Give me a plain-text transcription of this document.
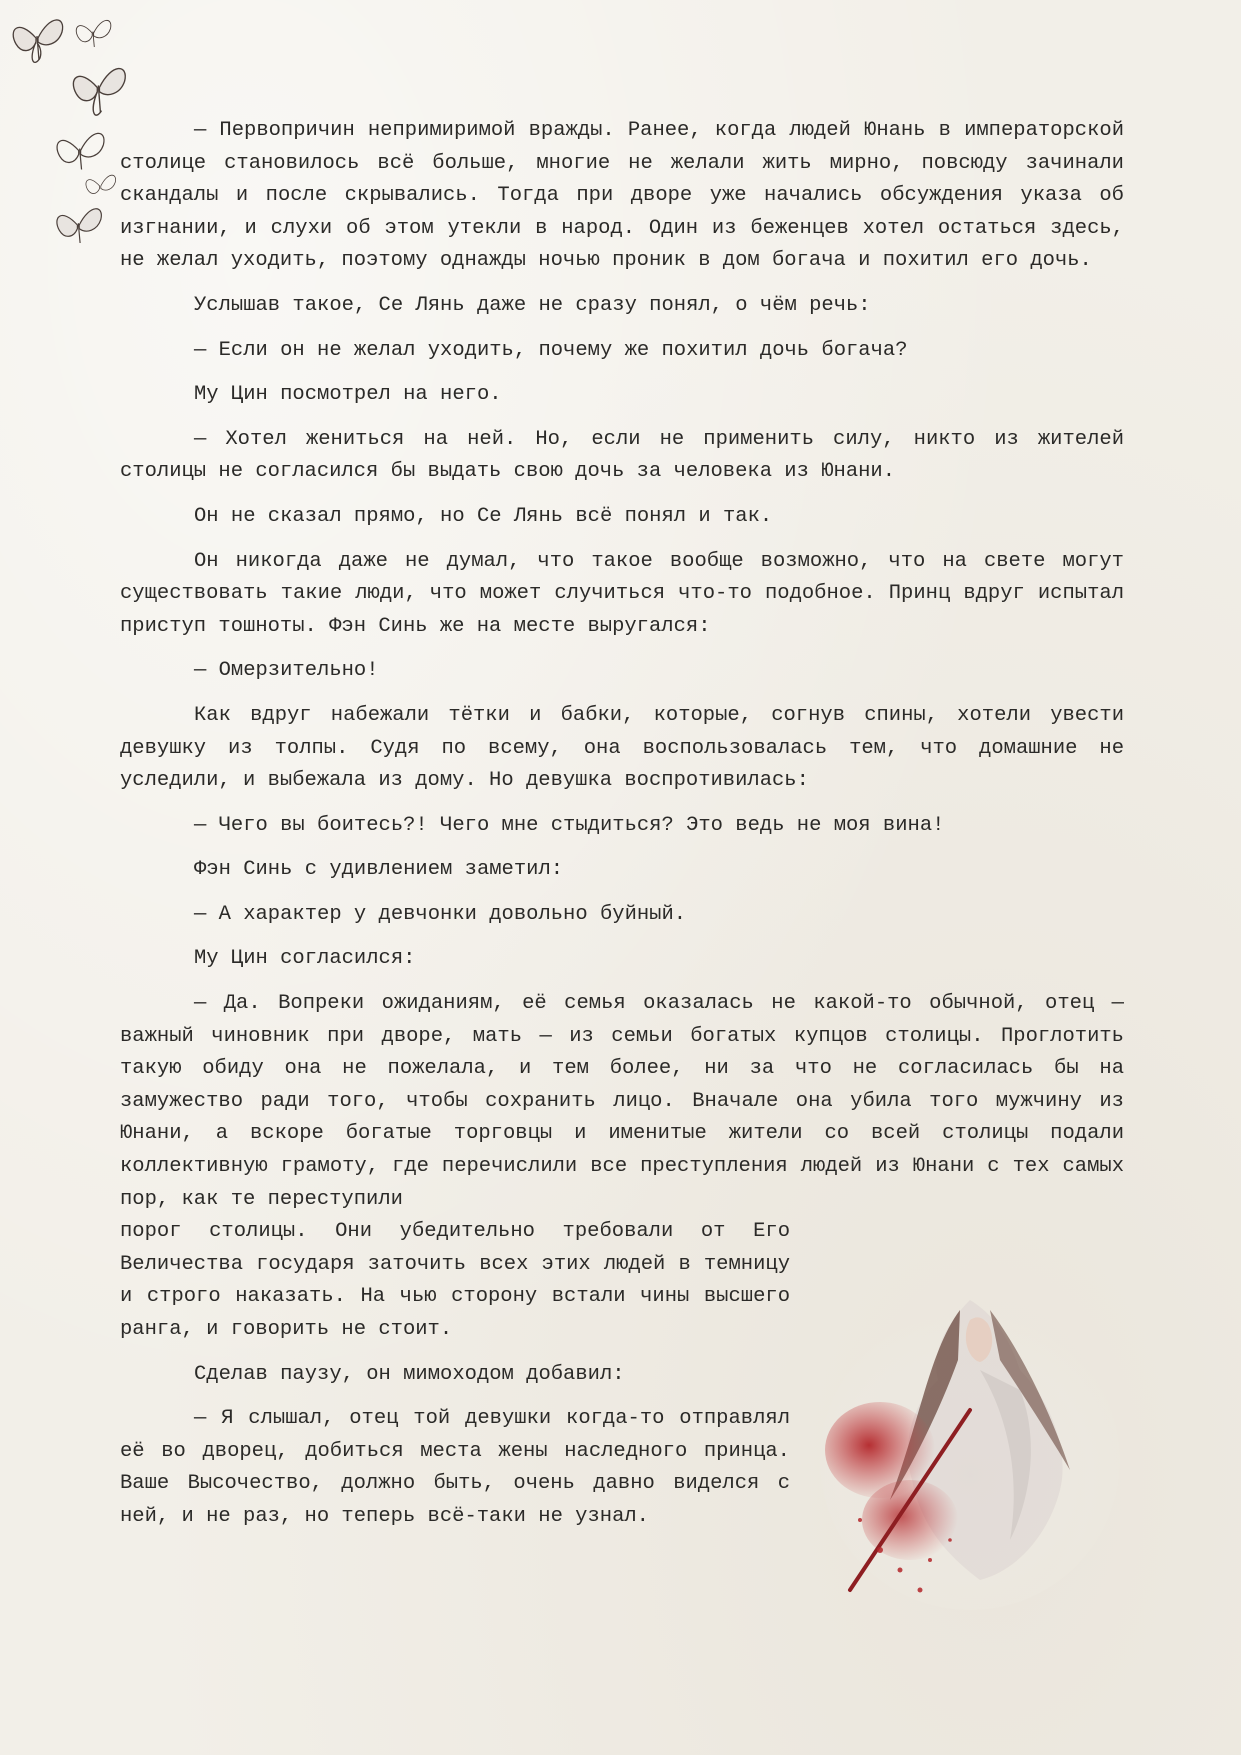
— Первопричин непримиримой вражды. Ранее, когда людей Юнань в императорской столице становилось всё больше, многие не желали жить мирно, повсюду зачинали скандалы и после скрывались. Тогда при дворе уже начались обсуждения указа об изгнании, и слухи об этом утекли в народ. Один из беженцев хотел остаться здесь, не желал уходить, поэтому однажды ночью проник в дом богача и похитил его дочь.

Услышав такое, Се Лянь даже не сразу понял, о чём речь:

— Если он не желал уходить, почему же похитил дочь богача?

Му Цин посмотрел на него.

— Хотел жениться на ней. Но, если не применить силу, никто из жителей столицы не согласился бы выдать свою дочь за человека из Юнани.

Он не сказал прямо, но Се Лянь всё понял и так.

Он никогда даже не думал, что такое вообще возможно, что на свете могут существовать такие люди, что может случиться что-то подобное. Принц вдруг испытал приступ тошноты. Фэн Синь же на месте выругался:

— Омерзительно!

Как вдруг набежали тётки и бабки, которые, согнув спины, хотели увести девушку из толпы. Судя по всему, она воспользовалась тем, что домашние не уследили, и выбежала из дому. Но девушка воспротивилась:

— Чего вы боитесь?! Чего мне стыдиться? Это ведь не моя вина!

Фэн Синь с удивлением заметил:

— А характер у девчонки довольно буйный.

Му Цин согласился:

— Да. Вопреки ожиданиям, её семья оказалась не какой-то обычной, отец — важный чиновник при дворе, мать — из семьи богатых купцов столицы. Проглотить такую обиду она не пожелала, и тем более, ни за что не согласилась бы на замужество ради того, чтобы сохранить лицо. Вначале она убила того мужчину из Юнани, а вскоре богатые торговцы и именитые жители со всей столицы подали коллективную грамоту, где перечислили все преступления людей из Юнани с тех самых пор, как те переступили

порог столицы. Они убедительно требовали от Его Величества государя заточить всех этих людей в темницу и строго наказать. На чью сторону встали чины высшего ранга, и говорить не стоит.

Сделав паузу, он мимоходом добавил:

— Я слышал, отец той девушки когда-то отправлял её во дворец, добиться места жены наследного принца. Ваше Высочество, должно быть, очень давно виделся с ней, и не раз, но теперь всё-таки не узнал.
